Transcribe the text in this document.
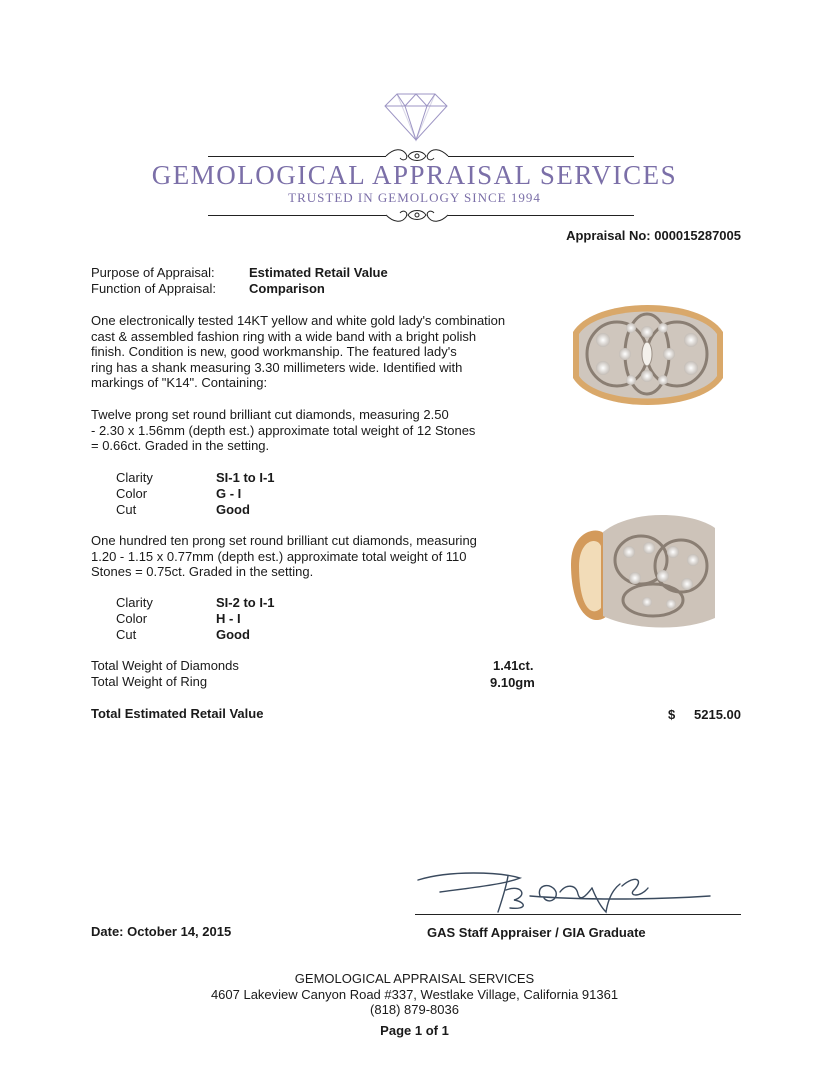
GEMOLOGICAL APPRAISAL SERVICES
TRUSTED IN GEMOLOGY SINCE 1994
Appraisal No: 000015287005
Purpose of Appraisal:	Estimated Retail Value
Function of Appraisal:	Comparison
One electronically tested 14KT yellow and white gold lady's combination
cast & assembled fashion ring with a wide band with a bright polish
finish. Condition is new, good workmanship. The featured lady's
ring has a shank measuring 3.30 millimeters wide. Identified with
markings of "K14". Containing:
Twelve prong set round brilliant cut diamonds, measuring 2.50
- 2.30 x 1.56mm (depth est.) approximate total weight of 12 Stones
= 0.66ct. Graded in the setting.
Clarity	SI-1 to I-1
Color	G - I
Cut	Good
One hundred ten prong set round brilliant cut diamonds, measuring
1.20 - 1.15 x 0.77mm (depth est.) approximate total weight of 110
Stones = 0.75ct. Graded in the setting.
Clarity	SI-2 to I-1
Color	H - I
Cut	Good
Total Weight of Diamonds	1.41ct.
Total Weight of Ring	9.10gm
Total Estimated Retail Value	$ 5215.00
Date: October 14, 2015	GAS Staff Appraiser / GIA Graduate
GEMOLOGICAL APPRAISAL SERVICES
4607 Lakeview Canyon Road #337, Westlake Village, California 91361
(818) 879-8036
Page 1 of 1
